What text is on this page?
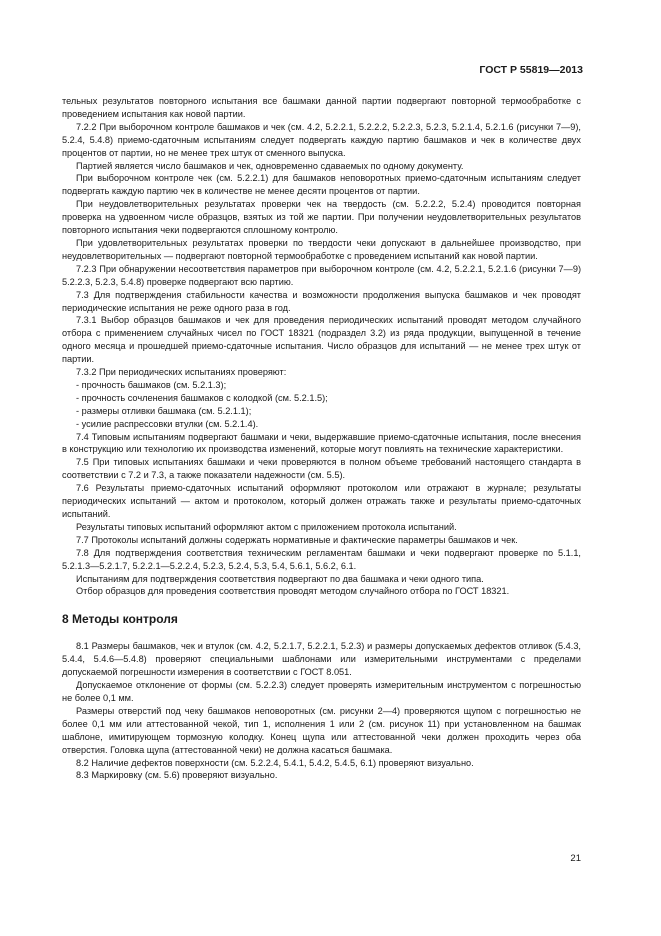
ГОСТ Р 55819—2013

тельных результатов повторного испытания все башмаки данной партии подвергают повторной термообработке с проведением испытания как новой партии.

7.2.2 При выборочном контроле башмаков и чек (см. 4.2, 5.2.2.1, 5.2.2.2, 5.2.2.3, 5.2.3, 5.2.1.4, 5.2.1.6 (рисунки 7—9), 5.2.4, 5.4.8) приемо-сдаточным испытаниям следует подвергать каждую партию башмаков и чек в количестве двух процентов от партии, но не менее трех штук от сменного выпуска.

Партией является число башмаков и чек, одновременно сдаваемых по одному документу.

При выборочном контроле чек (см. 5.2.2.1) для башмаков неповоротных приемо-сдаточным испытаниям следует подвергать каждую партию чек в количестве не менее десяти процентов от партии.

При неудовлетворительных результатах проверки чек на твердость (см. 5.2.2.2, 5.2.4) проводится повторная проверка на удвоенном числе образцов, взятых из той же партии. При получении неудовлетворительных результатов повторного испытания чеки подвергаются сплошному контролю.

При удовлетворительных результатах проверки по твердости чеки допускают в дальнейшее производство, при неудовлетворительных — подвергают повторной термообработке с проведением испытаний как новой партии.

7.2.3 При обнаружении несоответствия параметров при выборочном контроле (см. 4.2, 5.2.2.1, 5.2.1.6 (рисунки 7—9) 5.2.2.3, 5.2.3, 5.4.8) проверке подвергают всю партию.

7.3 Для подтверждения стабильности качества и возможности продолжения выпуска башмаков и чек проводят периодические испытания не реже одного раза в год.

7.3.1 Выбор образцов башмаков и чек для проведения периодических испытаний проводят методом случайного отбора с применением случайных чисел по ГОСТ 18321 (подраздел 3.2) из ряда продукции, выпущенной в течение одного месяца и прошедшей приемо-сдаточные испытания. Число образцов для испытаний — не менее трех штук от партии.

7.3.2 При периодических испытаниях проверяют:

- прочность башмаков (см. 5.2.1.3);

- прочность сочленения башмаков с колодкой (см. 5.2.1.5);

- размеры отливки башмака (см. 5.2.1.1);

- усилие распрессовки втулки (см. 5.2.1.4).

7.4 Типовым испытаниям подвергают башмаки и чеки, выдержавшие приемо-сдаточные испытания, после внесения в конструкцию или технологию их производства изменений, которые могут повлиять на технические характеристики.

7.5 При типовых испытаниях башмаки и чеки проверяются в полном объеме требований настоящего стандарта в соответствии с 7.2 и 7.3, а также показатели надежности (см. 5.5).

7.6 Результаты приемо-сдаточных испытаний оформляют протоколом или отражают в журнале; результаты периодических испытаний — актом и протоколом, который должен отражать также и результаты приемо-сдаточных испытаний.

Результаты типовых испытаний оформляют актом с приложением протокола испытаний.

7.7 Протоколы испытаний должны содержать нормативные и фактические параметры башмаков и чек.

7.8 Для подтверждения соответствия техническим регламентам башмаки и чеки подвергают проверке по 5.1.1, 5.2.1.3—5.2.1.7, 5.2.2.1—5.2.2.4, 5.2.3, 5.2.4, 5.3, 5.4, 5.6.1, 5.6.2, 6.1.

Испытаниям для подтверждения соответствия подвергают по два башмака и чеки одного типа.

Отбор образцов для проведения соответствия проводят методом случайного отбора по ГОСТ 18321.

8 Методы контроля

8.1 Размеры башмаков, чек и втулок (см. 4.2, 5.2.1.7, 5.2.2.1, 5.2.3) и размеры допускаемых дефектов отливок (5.4.3, 5.4.4, 5.4.6—5.4.8) проверяют специальными шаблонами или измерительными инструментами с пределами допускаемой погрешности измерения в соответствии с ГОСТ 8.051.

Допускаемое отклонение от формы (см. 5.2.2.3) следует проверять измерительным инструментом с погрешностью не более 0,1 мм.

Размеры отверстий под чеку башмаков неповоротных (см. рисунки 2—4) проверяются щупом с погрешностью не более 0,1 мм или аттестованной чекой, тип 1, исполнения 1 или 2 (см. рисунок 11) при установленном на башмак шаблоне, имитирующем тормозную колодку. Конец щупа или аттестованной чеки должен проходить через оба отверстия. Головка щупа (аттестованной чеки) не должна касаться башмака.

8.2 Наличие дефектов поверхности (см. 5.2.2.4, 5.4.1, 5.4.2, 5.4.5, 6.1) проверяют визуально.

8.3 Маркировку (см. 5.6) проверяют визуально.

21
